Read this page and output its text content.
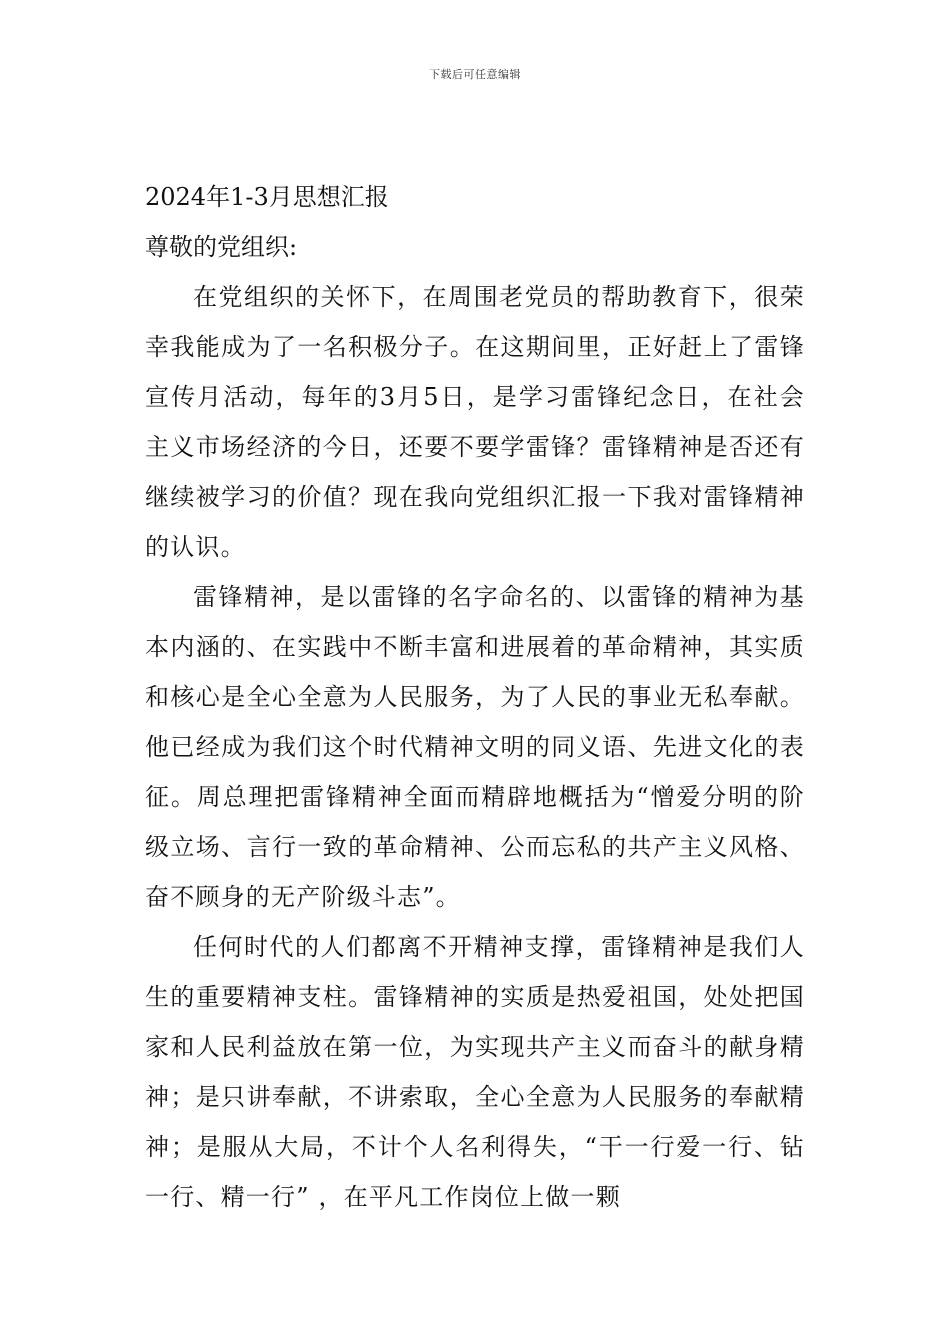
下载后可任意编辑

2024年1-3月思想汇报

尊敬的党组织:

在党组织的关怀下，在周围老党员的帮助教育下，很荣幸我能成为了一名积极分子。在这期间里，正好赶上了雷锋宣传月活动，每年的3月5日，是学习雷锋纪念日，在社会主义市场经济的今日，还要不要学雷锋？雷锋精神是否还有继续被学习的价值？现在我向党组织汇报一下我对雷锋精神的认识。

雷锋精神，是以雷锋的名字命名的、以雷锋的精神为基本内涵的、在实践中不断丰富和进展着的革命精神，其实质和核心是全心全意为人民服务，为了人民的事业无私奉献。他已经成为我们这个时代精神文明的同义语、先进文化的表征。周总理把雷锋精神全面而精辟地概括为“憎爱分明的阶级立场、言行一致的革命精神、公而忘私的共产主义风格、奋不顾身的无产阶级斗志”。

任何时代的人们都离不开精神支撑，雷锋精神是我们人生的重要精神支柱。雷锋精神的实质是热爱祖国，处处把国家和人民利益放在第一位，为实现共产主义而奋斗的献身精神；是只讲奉献，不讲索取，全心全意为人民服务的奉献精神；是服从大局，不计个人名利得失，“干一行爱一行、钻一行、精一行” ，在平凡工作岗位上做一颗
